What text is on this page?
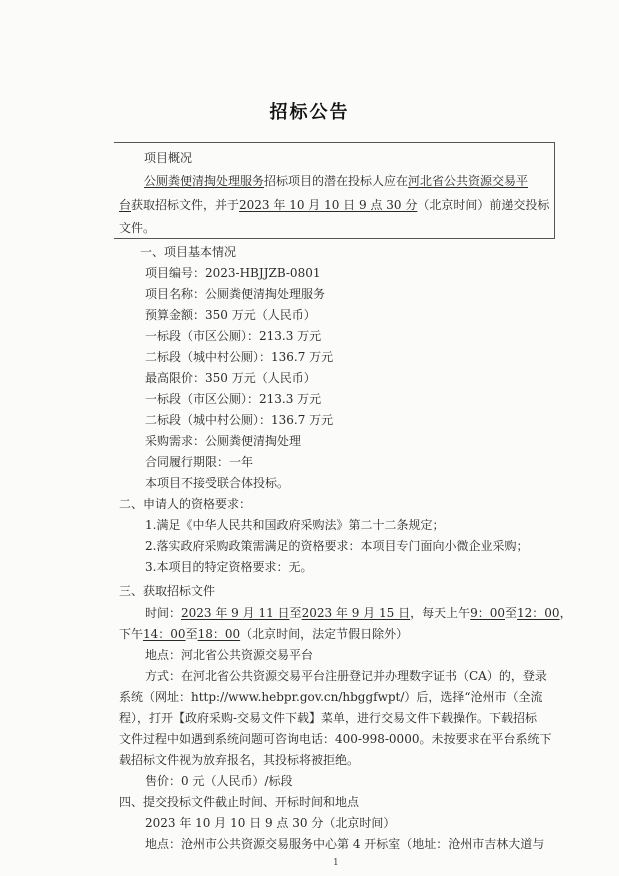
招标公告
项目概况
公厕粪便清掏处理服务招标项目的潜在投标人应在河北省公共资源交易平
台获取招标文件，并于2023 年 10 月 10 日 9 点 30 分（北京时间）前递交投标
文件。
一、项目基本情况
项目编号：2023-HBJJZB-0801
项目名称：公厕粪便清掏处理服务
预算金额：350 万元（人民币）
一标段（市区公厕）：213.3 万元
二标段（城中村公厕）：136.7 万元
最高限价：350 万元（人民币）
一标段（市区公厕）：213.3 万元
二标段（城中村公厕）：136.7 万元
采购需求：公厕粪便清掏处理
合同履行期限：一年
本项目不接受联合体投标。
二、申请人的资格要求：
1.满足《中华人民共和国政府采购法》第二十二条规定；
2.落实政府采购政策需满足的资格要求：本项目专门面向小微企业采购；
3.本项目的特定资格要求：无。
三、获取招标文件
时间：2023 年 9 月 11 日至2023 年 9 月 15 日，每天上午9：00至12：00，
下午14：00至18：00（北京时间，法定节假日除外）
地点：河北省公共资源交易平台
方式：在河北省公共资源交易平台注册登记并办理数字证书（CA）的，登录
系统（网址：http://www.hebpr.gov.cn/hbggfwpt/）后，选择“沧州市（全流
程），打开【政府采购-交易文件下载】菜单，进行交易文件下载操作。下载招标
文件过程中如遇到系统问题可咨询电话：400-998-0000。未按要求在平台系统下
载招标文件视为放弃报名，其投标将被拒绝。
售价：0 元（人民币）/标段
四、提交投标文件截止时间、开标时间和地点
2023 年 10 月 10 日 9 点 30 分（北京时间）
地点：沧州市公共资源交易服务中心第 4 开标室（地址：沧州市吉林大道与
1
